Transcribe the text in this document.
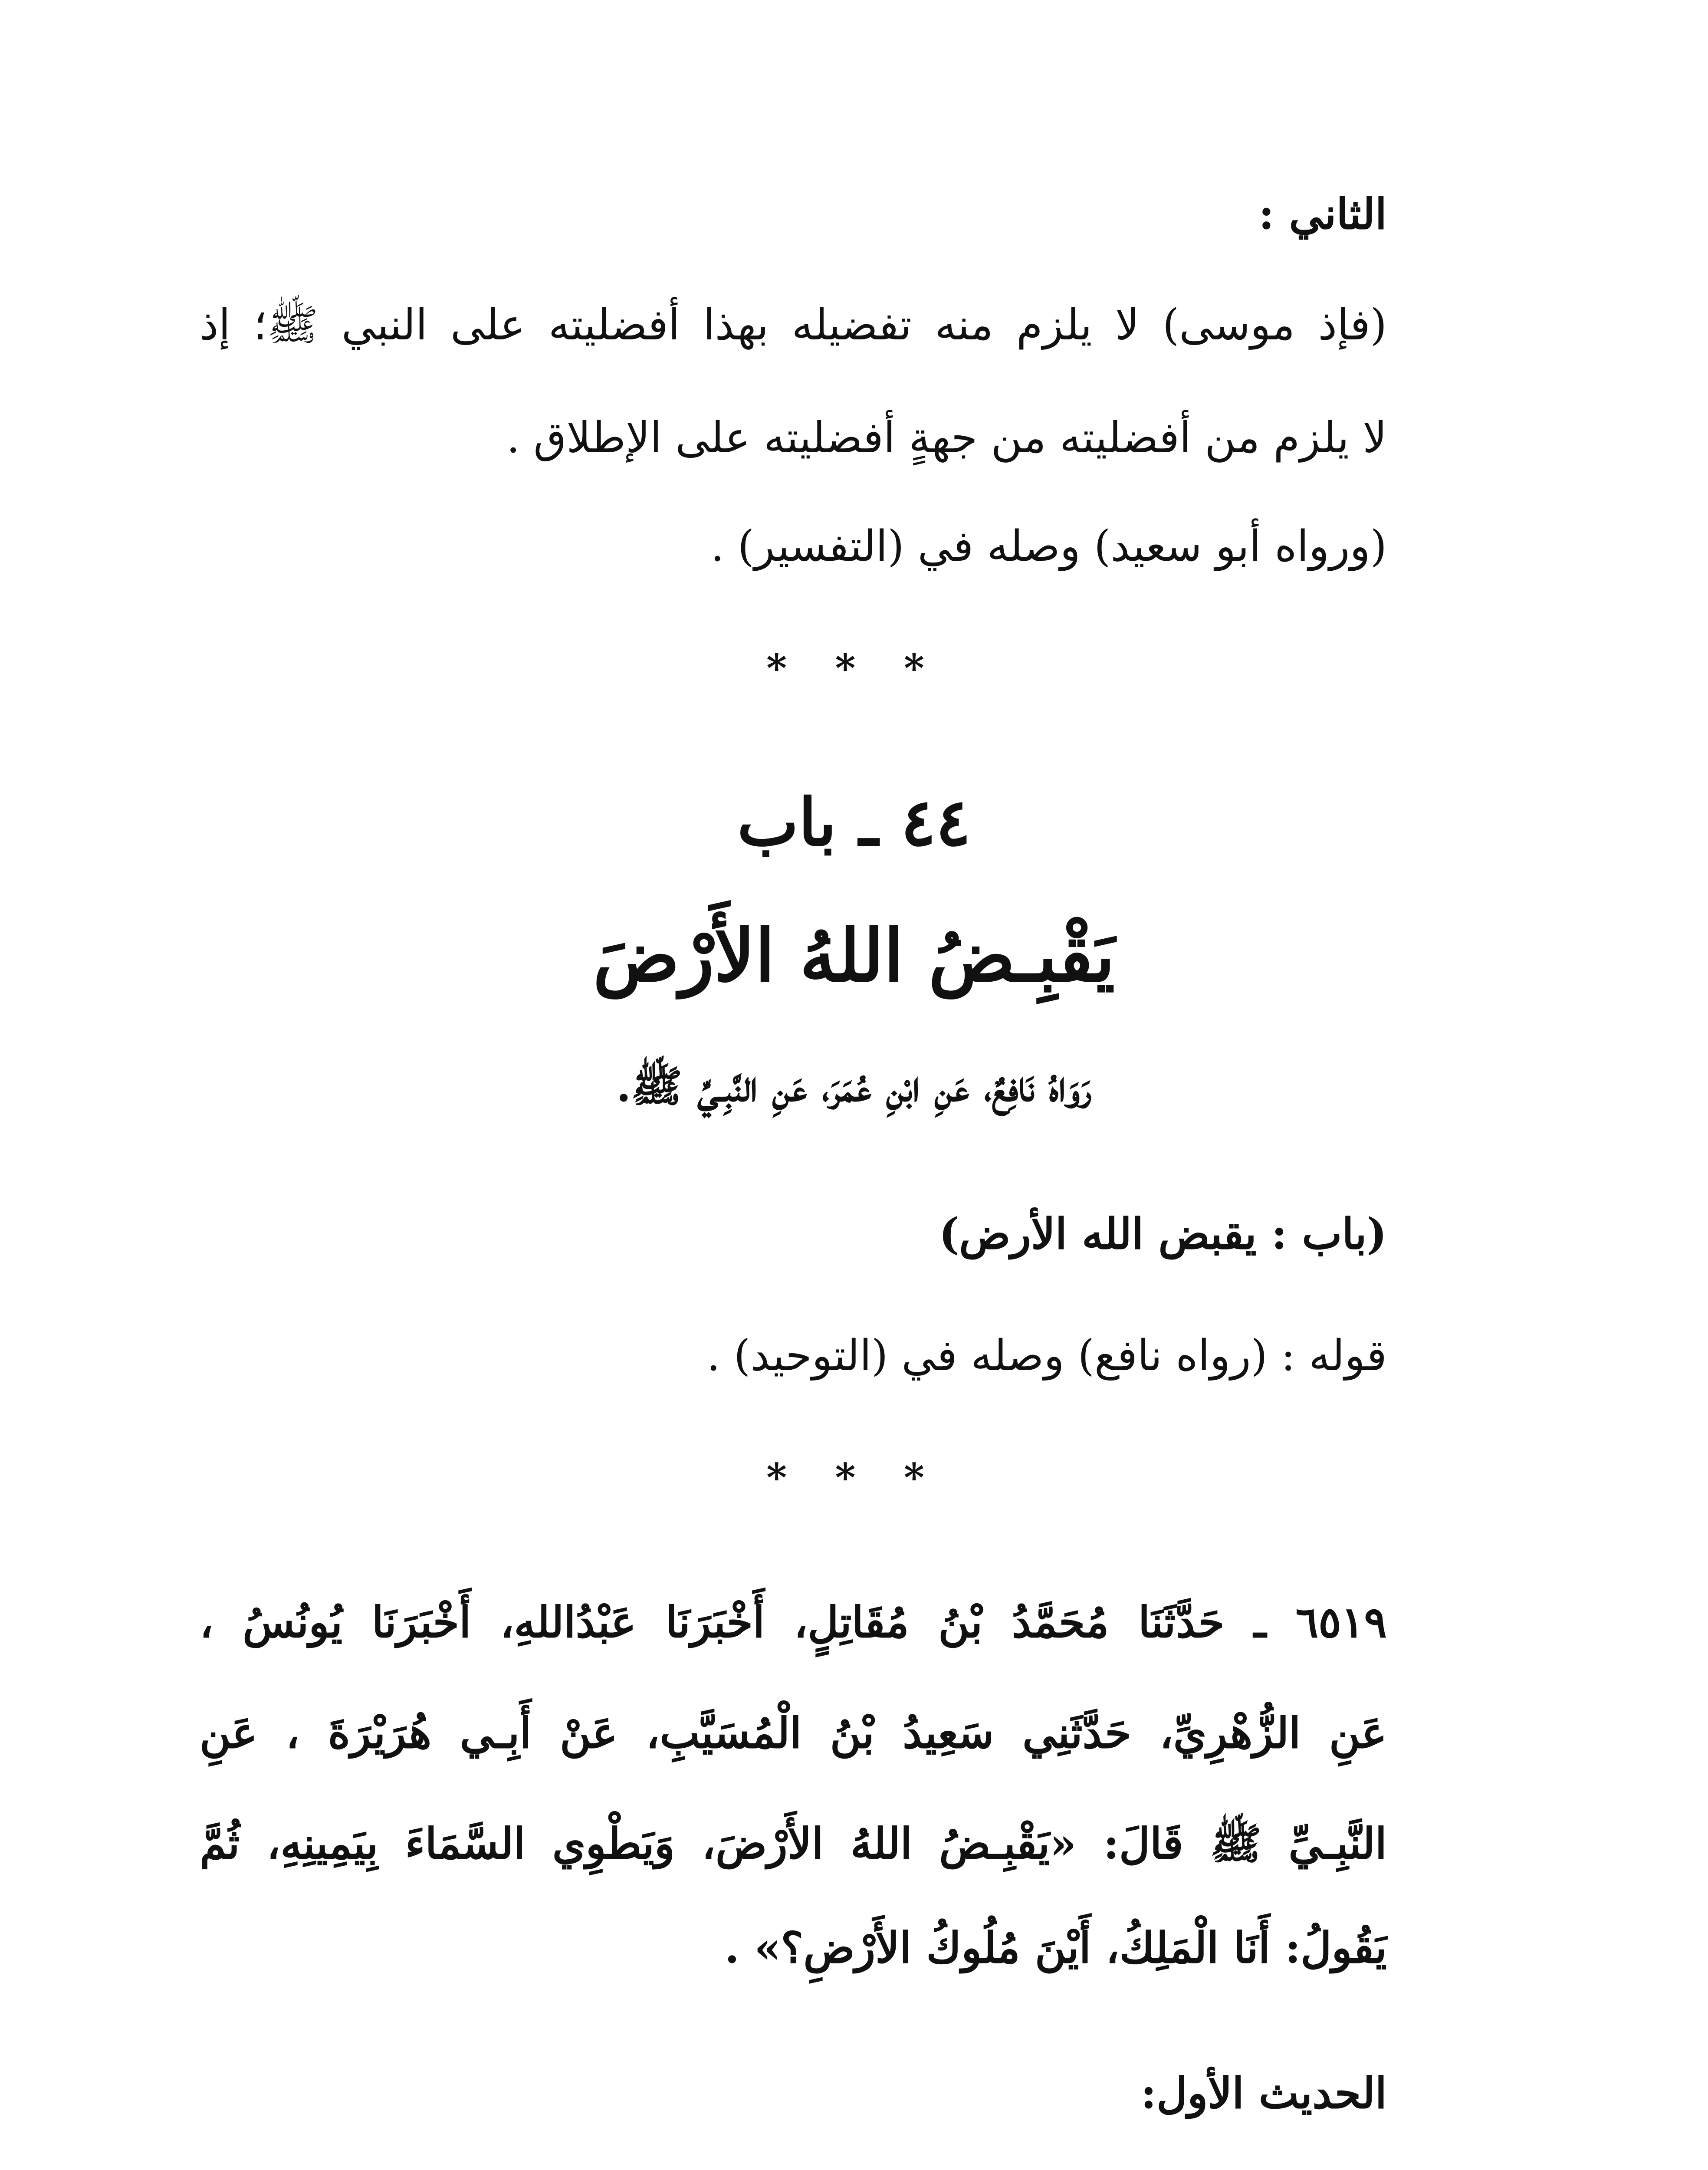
الثاني :
(فإذ موسى) لا يلزم منه تفضيله بهذا أفضليته على النبي ﷺ؛ إذ
لا يلزم من أفضليته من جهةٍ أفضليته على الإطلاق .
(ورواه أبو سعيد) وصله في (التفسير) .
* * *
٤٤ ـ باب
يَقْبِـضُ اللهُ الأَرْضَ
رَوَاهُ نَافِعٌ، عَنِ ابْنِ عُمَرَ، عَنِ النَّبِـيِّ ﷺ.
(باب : يقبض الله الأرض)
قوله : (رواه نافع) وصله في (التوحيد) .
* * *
٦٥١٩ ـ حَدَّثَنَا مُحَمَّدُ بْنُ مُقَاتِلٍ، أَخْبَرَنَا عَبْدُاللهِ، أَخْبَرَنَا يُونُسُ ،
عَنِ الزُّهْرِيِّ، حَدَّثَنِي سَعِيدُ بْنُ الْمُسَيَّبِ، عَنْ أَبِـي هُرَيْرَةَ ، عَنِ
النَّبِـيِّ ﷺ قَالَ: «يَقْبِـضُ اللهُ الأَرْضَ، وَيَطْوِي السَّمَاءَ بِيَمِينِهِ، ثُمَّ
يَقُولُ: أَنَا الْمَلِكُ، أَيْنَ مُلُوكُ الأَرْضِ؟» .
الحديث الأول:
